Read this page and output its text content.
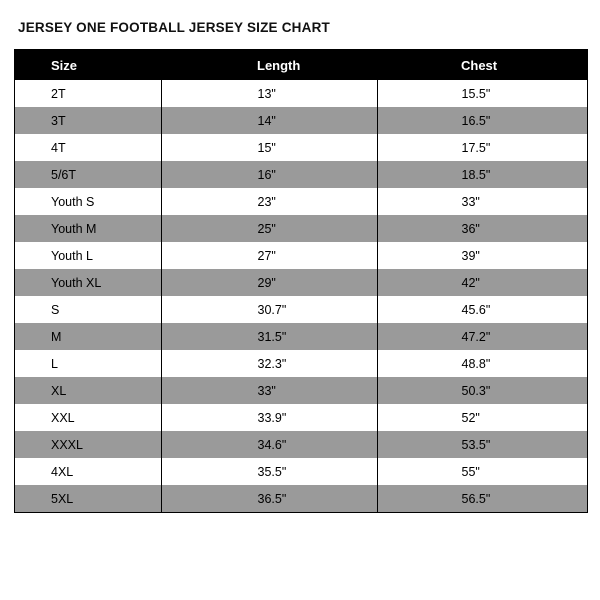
JERSEY ONE FOOTBALL JERSEY SIZE CHART
Size	Length	Chest
2T	13"	15.5"
3T	14"	16.5"
4T	15"	17.5"
5/6T	16"	18.5"
Youth S	23"	33"
Youth M	25"	36"
Youth L	27"	39"
Youth XL	29"	42"
S	30.7"	45.6"
M	31.5"	47.2"
L	32.3"	48.8"
XL	33"	50.3"
XXL	33.9"	52"
XXXL	34.6"	53.5"
4XL	35.5"	55"
5XL	36.5"	56.5"
